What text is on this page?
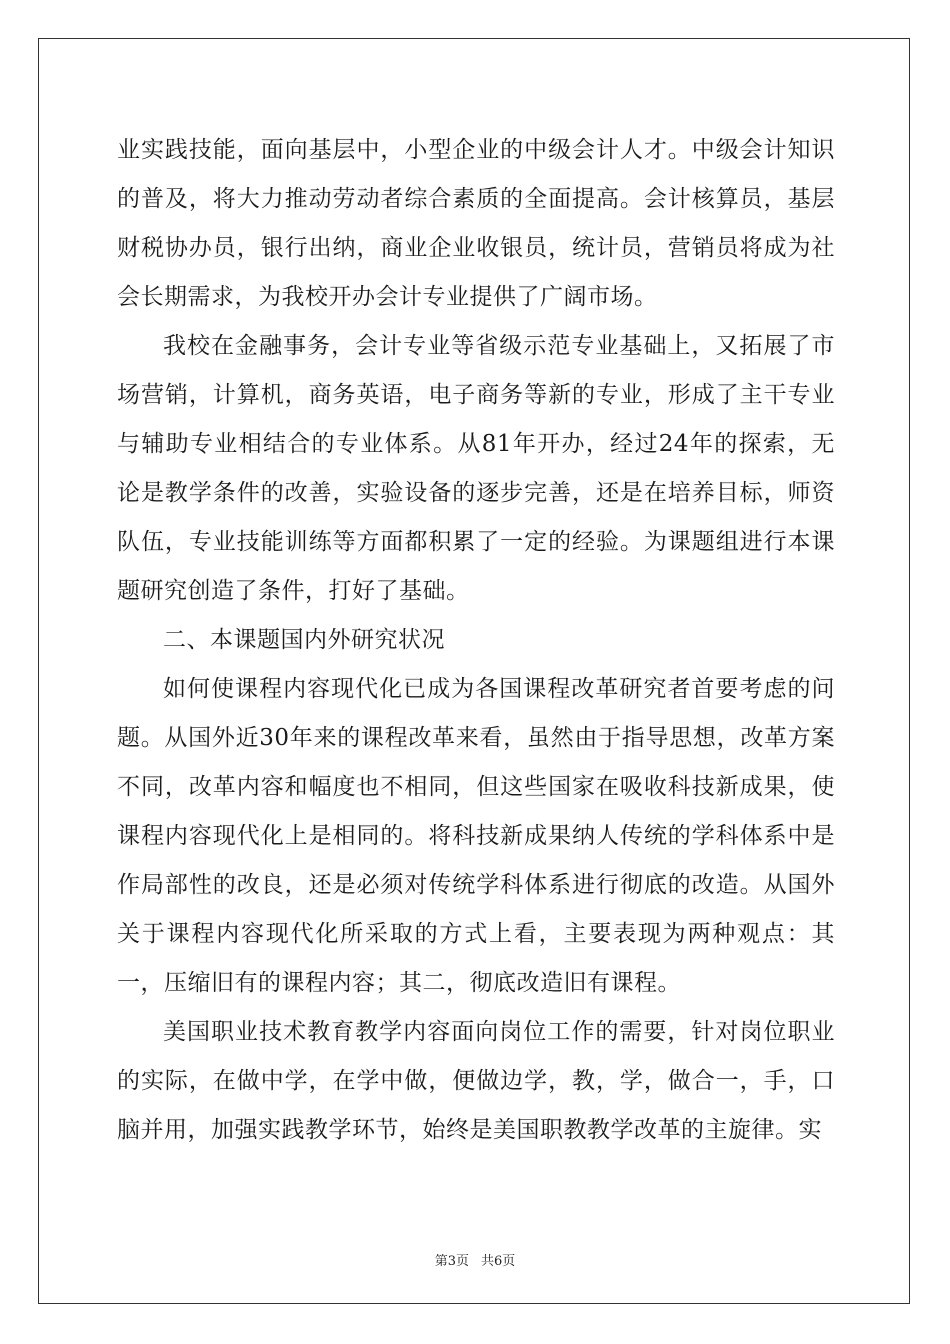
业实践技能，面向基层中，小型企业的中级会计人才。中级会计知识的普及，将大力推动劳动者综合素质的全面提高。会计核算员，基层财税协办员，银行出纳，商业企业收银员，统计员，营销员将成为社会长期需求，为我校开办会计专业提供了广阔市场。

我校在金融事务，会计专业等省级示范专业基础上，又拓展了市场营销，计算机，商务英语，电子商务等新的专业，形成了主干专业与辅助专业相结合的专业体系。从81年开办，经过24年的探索，无论是教学条件的改善，实验设备的逐步完善，还是在培养目标，师资队伍，专业技能训练等方面都积累了一定的经验。为课题组进行本课题研究创造了条件，打好了基础。

二、本课题国内外研究状况

如何使课程内容现代化已成为各国课程改革研究者首要考虑的问题。从国外近30年来的课程改革来看，虽然由于指导思想，改革方案不同，改革内容和幅度也不相同，但这些国家在吸收科技新成果，使课程内容现代化上是相同的。将科技新成果纳人传统的学科体系中是作局部性的改良，还是必须对传统学科体系进行彻底的改造。从国外关于课程内容现代化所采取的方式上看，主要表现为两种观点：其一，压缩旧有的课程内容；其二，彻底改造旧有课程。

美国职业技术教育教学内容面向岗位工作的需要，针对岗位职业的实际，在做中学，在学中做，便做边学，教，学，做合一，手，口脑并用，加强实践教学环节，始终是美国职教教学改革的主旋律。实

第3页 共6页
